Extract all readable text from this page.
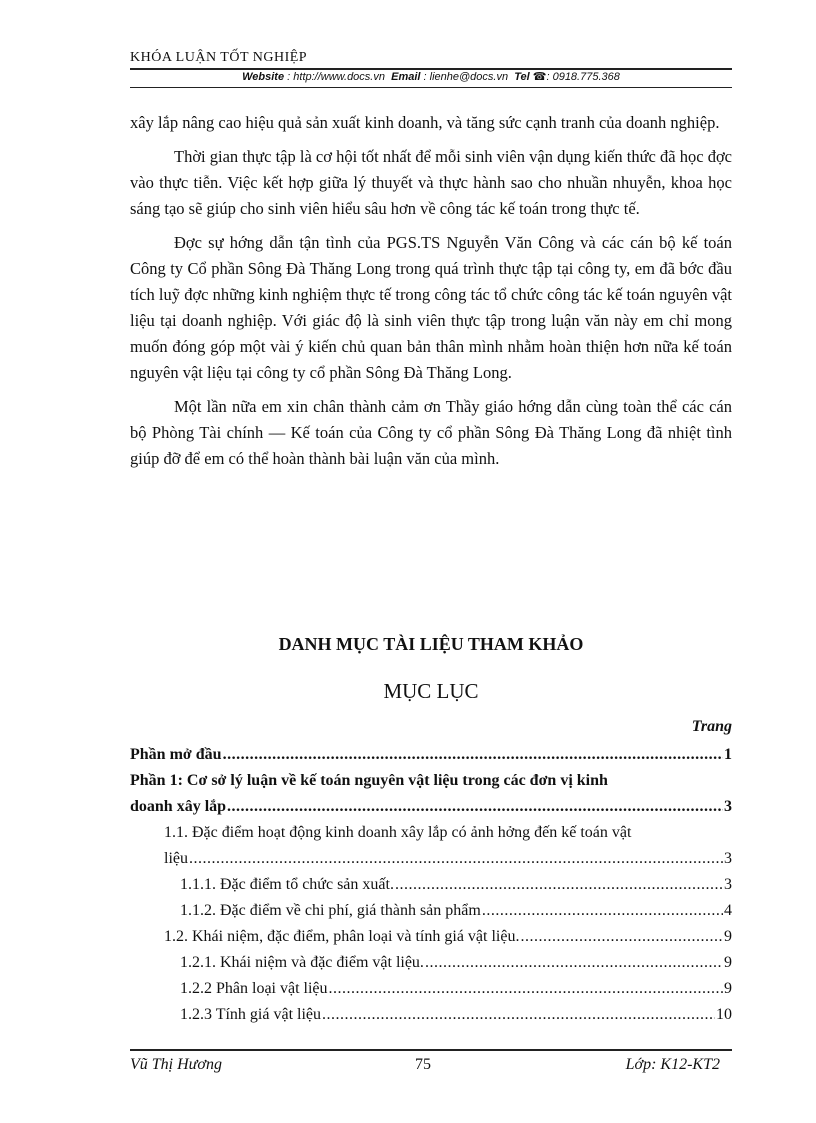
KHÓA LUẬN TỐT NGHIỆP
Website : http://www.docs.vn Email : lienhe@docs.vn Tel ☎: 0918.775.368

xây lắp nâng cao hiệu quả sản xuất kinh doanh, và tăng sức cạnh tranh của doanh nghiệp.

Thời gian thực tập là cơ hội tốt nhất để mỗi sinh viên vận dụng kiến thức đã học đợc vào thực tiễn. Việc kết hợp giữa lý thuyết và thực hành sao cho nhuần nhuyễn, khoa học sáng tạo sẽ giúp cho sinh viên hiểu sâu hơn về công tác kế toán trong thực tế.

Đợc sự hớng dẫn tận tình của PGS.TS Nguyễn Văn Công và các cán bộ kế toán Công ty Cổ phần Sông Đà Thăng Long trong quá trình thực tập tại công ty, em đã bớc đầu tích luỹ đợc những kinh nghiệm thực tế trong công tác tổ chức công tác kế toán nguyên vật liệu tại doanh nghiệp. Với giác độ là sinh viên thực tập trong luận văn này em chỉ mong muốn đóng góp một vài ý kiến chủ quan bản thân mình nhằm hoàn thiện hơn nữa kế toán nguyên vật liệu tại công ty cổ phần Sông Đà Thăng Long.

Một lần nữa em xin chân thành cảm ơn Thầy giáo hớng dẫn cùng toàn thể các cán bộ Phòng Tài chính — Kế toán của Công ty cổ phần Sông Đà Thăng Long đã nhiệt tình giúp đỡ để em có thể hoàn thành bài luận văn của mình.

DANH MỤC TÀI LIỆU THAM KHẢO
MỤC LỤC
Trang
Phần mở đầu .....	1
Phần 1: Cơ sở lý luận về kế toán nguyên vật liệu trong các đơn vị kinh
doanh xây lắp .....	3
1.1. Đặc điểm hoạt động kinh doanh xây lắp có ảnh hởng đến kế toán vật
liệu .....	3
1.1.1. Đặc điểm tổ chức sản xuất. .....	3
1.1.2. Đặc điểm về chi phí, giá thành sản phẩm .....	4
1.2. Khái niệm, đặc điểm, phân loại và tính giá vật liệu. .....	9
1.2.1. Khái niệm và đặc điểm vật liệu. .....	9
1.2.2 Phân loại vật liệu .....	9
1.2.3 Tính giá vật liệu .....	10
Vũ Thị Hương	75	Lớp: K12-KT2
